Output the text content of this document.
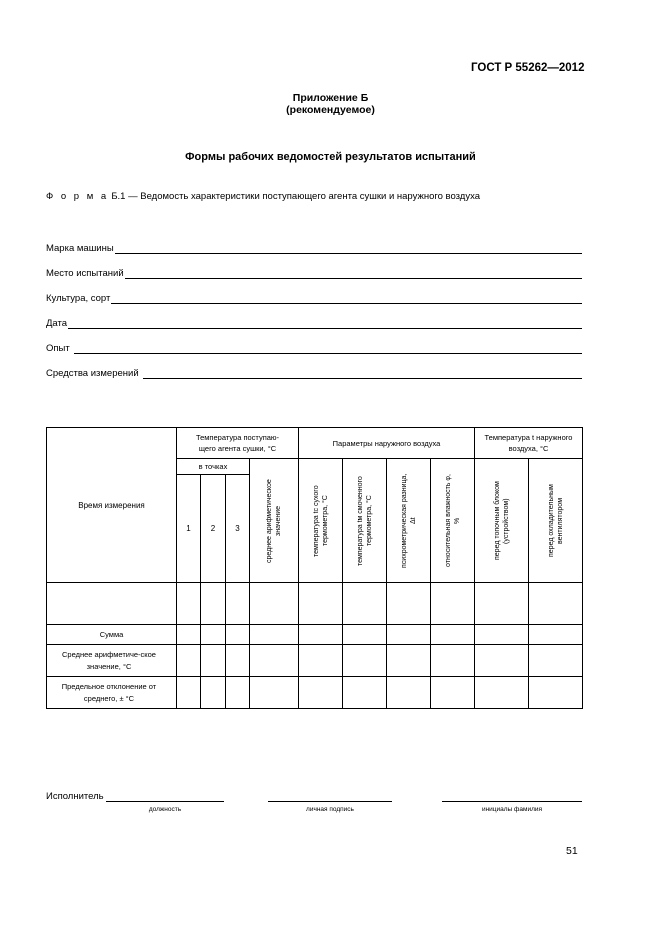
ГОСТ Р 55262—2012
Приложение Б
(рекомендуемое)
Формы рабочих ведомостей результатов испытаний
Ф о р м а Б.1 — Ведомость характеристики поступающего агента сушки и наружного воздуха
Марка машины
Место испытаний
Культура, сорт
Дата
Опыт
Средства измерений
Время измерения	Температура поступаю-щего агента сушки, °С				Параметры наружного воздуха				Температура t наружного воздуха, °С	

	в точках			среднее арифметическое значение	температура tc сухого термометра, °С	температура tм смоченного термометра, °С	психрометрическая разница, Δt	относительная влажность φ, %	перед топочным блоком (устройством)	перед охладительным вентилятором

	1	2	3							

Сумма										

Среднее арифметиче-ское значение, °С										

Предельное отклонение от среднего, ± °С										

Исполнитель
должность	личная подпись	инициалы фамилия
51
